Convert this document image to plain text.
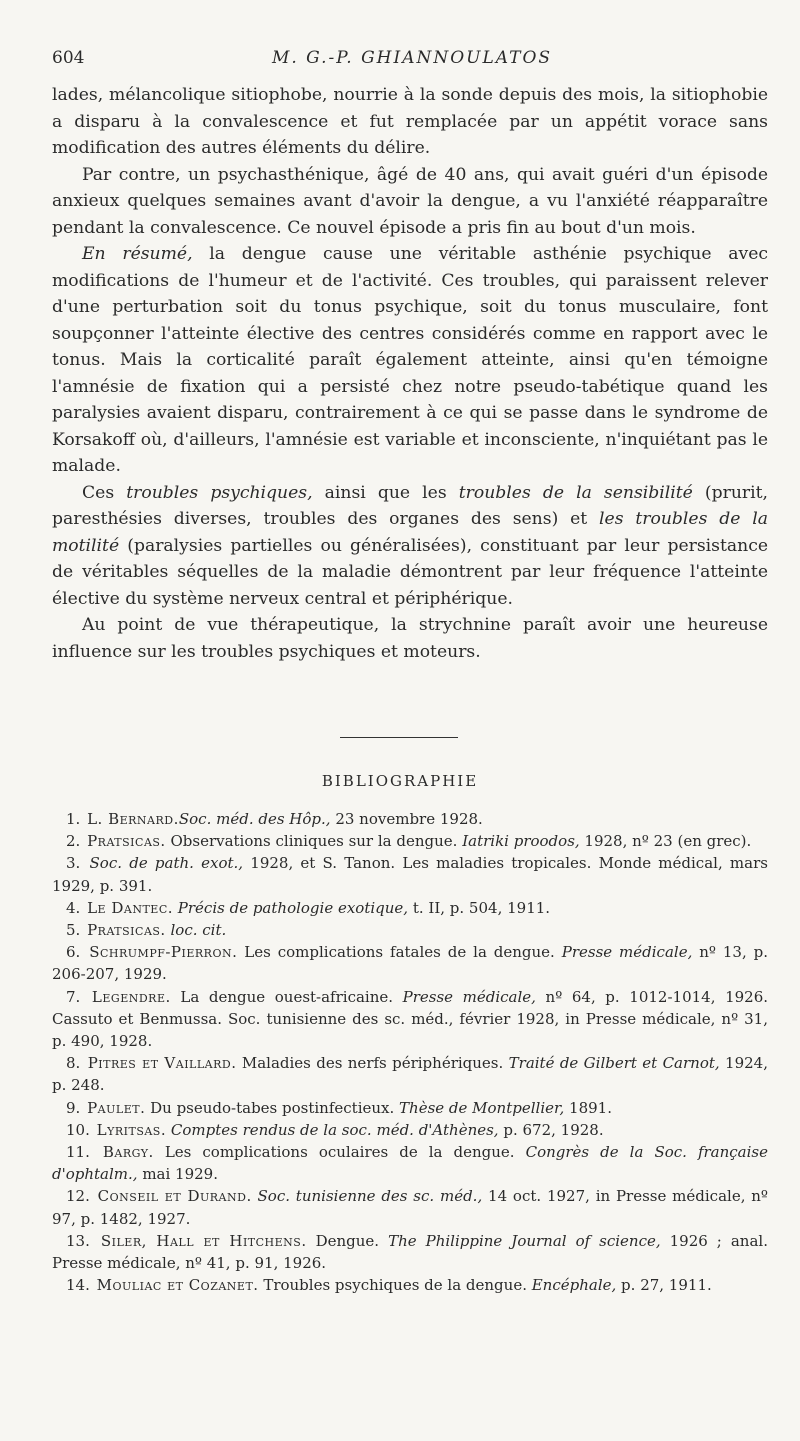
604	M. G.-P. GHIANNOULATOS

lades, mélancolique sitiophobe, nourrie à la sonde depuis des mois, la sitiophobie a disparu à la convalescence et fut remplacée par un appétit vorace sans modification des autres éléments du délire.

Par contre, un psychasthénique, âgé de 40 ans, qui avait guéri d'un épisode anxieux quelques semaines avant d'avoir la dengue, a vu l'anxiété réapparaître pendant la convalescence. Ce nouvel épisode a pris fin au bout d'un mois.

En résumé, la dengue cause une véritable asthénie psychique avec modifications de l'humeur et de l'activité. Ces troubles, qui paraissent relever d'une perturbation soit du tonus psychique, soit du tonus musculaire, font soupçonner l'atteinte élective des centres considérés comme en rapport avec le tonus. Mais la corticalité paraît également atteinte, ainsi qu'en témoigne l'amnésie de fixation qui a persisté chez notre pseudo-tabétique quand les paralysies avaient disparu, contrairement à ce qui se passe dans le syndrome de Korsakoff où, d'ailleurs, l'amnésie est variable et inconsciente, n'inquiétant pas le malade.

Ces troubles psychiques, ainsi que les troubles de la sensibilité (prurit, paresthésies diverses, troubles des organes des sens) et les troubles de la motilité (paralysies partielles ou généralisées), constituant par leur persistance de véritables séquelles de la maladie démontrent par leur fréquence l'atteinte élective du système nerveux central et périphérique.

Au point de vue thérapeutique, la strychnine paraît avoir une heureuse influence sur les troubles psychiques et moteurs.

BIBLIOGRAPHIE

1. L. Bernard.Soc. méd. des Hôp., 23 novembre 1928.

2. Pratsicas. Observations cliniques sur la dengue. Iatriki proodos, 1928, nº 23 (en grec).

3. Soc. de path. exot., 1928, et S. Tanon. Les maladies tropicales. Monde médical, mars 1929, p. 391.

4. Le Dantec. Précis de pathologie exotique, t. II, p. 504, 1911.

5. Pratsicas. loc. cit.

6. Schrumpf-Pierron. Les complications fatales de la dengue. Presse médicale, nº 13, p. 206-207, 1929.

7. Legendre. La dengue ouest-africaine. Presse médicale, nº 64, p. 1012-1014, 1926. Cassuto et Benmussa. Soc. tunisienne des sc. méd., février 1928, in Presse médicale, nº 31, p. 490, 1928.

8. Pitres et Vaillard. Maladies des nerfs périphériques. Traité de Gilbert et Carnot, 1924, p. 248.

9. Paulet. Du pseudo-tabes postinfectieux. Thèse de Montpellier, 1891.

10. Lyritsas. Comptes rendus de la soc. méd. d'Athènes, p. 672, 1928.

11. Bargy. Les complications oculaires de la dengue. Congrès de la Soc. française d'ophtalm., mai 1929.

12. Conseil et Durand. Soc. tunisienne des sc. méd., 14 oct. 1927, in Presse médicale, nº 97, p. 1482, 1927.

13. Siler, Hall et Hitchens. Dengue. The Philippine Journal of science, 1926 ; anal. Presse médicale, nº 41, p. 91, 1926.

14. Mouliac et Cozanet. Troubles psychiques de la dengue. Encéphale, p. 27, 1911.
